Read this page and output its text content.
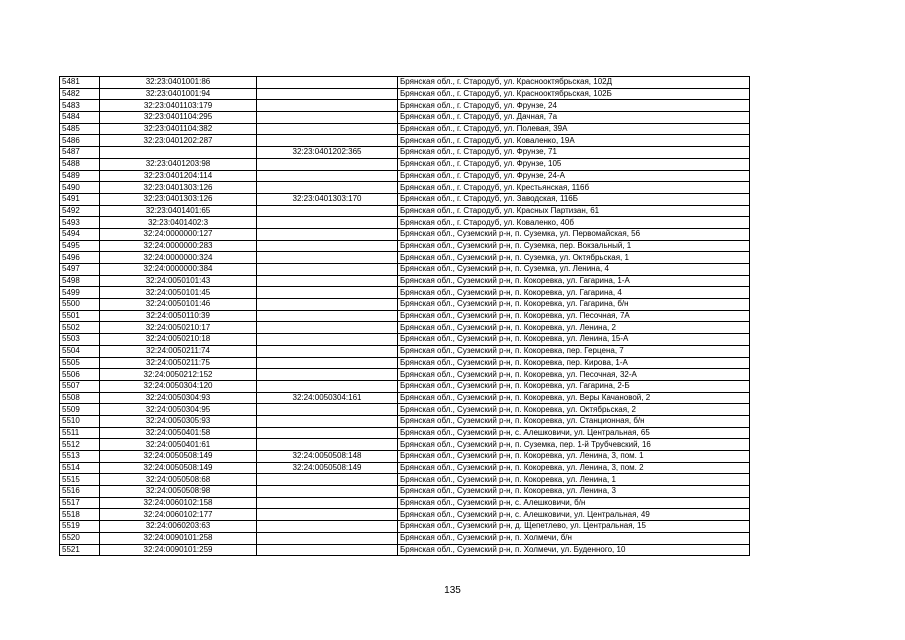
5481	32:23:0401001:86		Брянская обл., г. Стародуб, ул. Краснооктябрьская, 102Д
5482	32:23:0401001:94		Брянская обл., г. Стародуб, ул. Краснооктябрьская, 102Б
5483	32:23:0401103:179		Брянская обл., г. Стародуб, ул. Фрунзе, 24
5484	32:23:0401104:295		Брянская обл., г. Стародуб, ул. Дачная, 7а
5485	32:23:0401104:382		Брянская обл., г. Стародуб, ул. Полевая, 39А
5486	32:23:0401202:287		Брянская обл., г. Стародуб, ул. Коваленко, 19А
5487		32:23:0401202:365	Брянская обл., г. Стародуб, ул. Фрунзе, 71
5488	32:23:0401203:98		Брянская обл., г. Стародуб, ул. Фрунзе, 105
5489	32:23:0401204:114		Брянская обл., г. Стародуб, ул. Фрунзе, 24-А
5490	32:23:0401303:126		Брянская обл., г. Стародуб, ул. Крестьянская, 116б
5491	32:23:0401303:126	32:23:0401303:170	Брянская обл., г. Стародуб, ул. Заводская, 116Б
5492	32:23:0401401:65		Брянская обл., г. Стародуб, ул. Красных Партизан, 61
5493	32:23:0401402:3		Брянская обл., г. Стародуб, ул. Коваленко, 40б
5494	32:24:0000000:127		Брянская обл., Суземский р-н, п. Суземка, ул. Первомайская, 56
5495	32:24:0000000:283		Брянская обл., Суземский р-н, п. Суземка, пер. Вокзальный, 1
5496	32:24:0000000:324		Брянская обл., Суземский р-н, п. Суземка, ул. Октябрьская, 1
5497	32:24:0000000:384		Брянская обл., Суземский р-н, п. Суземка, ул. Ленина, 4
5498	32:24:0050101:43		Брянская обл., Суземский р-н, п. Кокоревка, ул. Гагарина, 1-А
5499	32:24:0050101:45		Брянская обл., Суземский р-н, п. Кокоревка, ул. Гагарина, 4
5500	32:24:0050101:46		Брянская обл., Суземский р-н, п. Кокоревка, ул. Гагарина, б/н
5501	32:24:0050110:39		Брянская обл., Суземский р-н, п. Кокоревка, ул. Песочная, 7А
5502	32:24:0050210:17		Брянская обл., Суземский р-н, п. Кокоревка, ул. Ленина, 2
5503	32:24:0050210:18		Брянская обл., Суземский р-н, п. Кокоревка, ул. Ленина, 15-А
5504	32:24:0050211:74		Брянская обл., Суземский р-н, п. Кокоревка, пер. Герцена, 7
5505	32:24:0050211:75		Брянская обл., Суземский р-н, п. Кокоревка, пер. Кирова, 1-А
5506	32:24:0050212:152		Брянская обл., Суземский р-н, п. Кокоревка, ул. Песочная, 32-А
5507	32:24:0050304:120		Брянская обл., Суземский р-н, п. Кокоревка, ул. Гагарина, 2-Б
5508	32:24:0050304:93	32:24:0050304:161	Брянская обл., Суземский р-н, п. Кокоревка, ул. Веры Качановой, 2
5509	32:24:0050304:95		Брянская обл., Суземский р-н, п. Кокоревка, ул. Октябрьская, 2
5510	32:24:0050305:93		Брянская обл., Суземский р-н, п. Кокоревка, ул. Станционная, б/н
5511	32:24:0050401:58		Брянская обл., Суземский р-н, с. Алешковичи, ул. Центральная, 65
5512	32:24:0050401:61		Брянская обл., Суземский р-н, п. Суземка, пер. 1-й Трубчевский, 16
5513	32:24:0050508:149	32:24:0050508:148	Брянская обл., Суземский р-н, п. Кокоревка, ул. Ленина, 3, пом. 1
5514	32:24:0050508:149	32:24:0050508:149	Брянская обл., Суземский р-н, п. Кокоревка, ул. Ленина, 3, пом. 2
5515	32:24:0050508:68		Брянская обл., Суземский р-н, п. Кокоревка, ул. Ленина, 1
5516	32:24:0050508:98		Брянская обл., Суземский р-н, п. Кокоревка, ул. Ленина, 3
5517	32:24:0060102:158		Брянская обл., Суземский р-н, с. Алешковичи, б/н
5518	32:24:0060102:177		Брянская обл., Суземский р-н, с. Алешковичи, ул. Центральная, 49
5519	32:24:0060203:63		Брянская обл., Суземский р-н, д. Щепетлево, ул. Центральная, 15
5520	32:24:0090101:258		Брянская обл., Суземский р-н, п. Холмечи, б/н
5521	32:24:0090101:259		Брянская обл., Суземский р-н, п. Холмечи, ул. Буденного, 10
135
